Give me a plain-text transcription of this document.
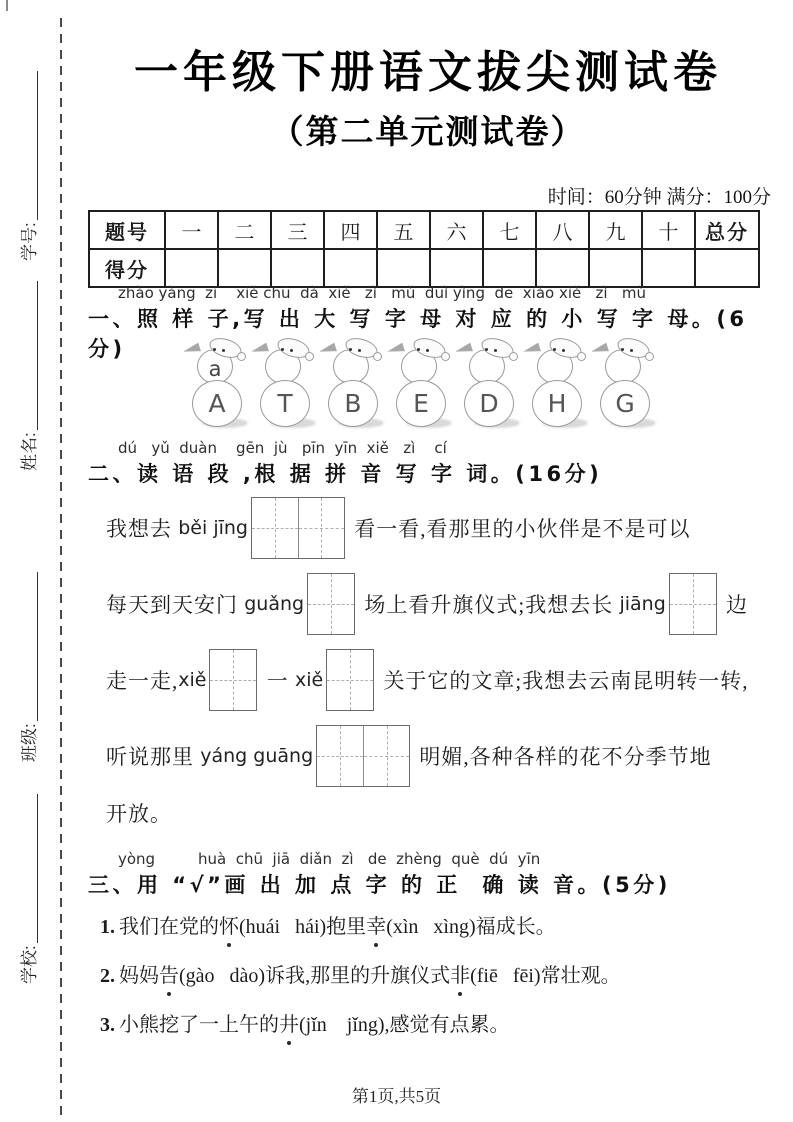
学号:
姓名:
班级:
学校:
一年级下册语文拔尖测试卷
（第二单元测试卷）
时间：60分钟 满分：100分
题号	一	二	三	四	五	六	七	八	九	十	总分
得分											
zhào yàng  zi    xiě chū  dà  xiě   zì   mǔ  duì yìng  de  xiǎo xiě   zì   mǔ
一、照 样 子,写 出 大 写 字 母 对 应 的 小 写 字 母。(6分)
a
A T B E D H G
dú   yǔ  duàn    gēn  jù   pīn  yīn  xiě   zì    cí
二、读 语 段 ,根 据 拼 音 写 字 词。(16分)
我想去 běi jīng	看一看,看那里的小伙伴是不是可以
每天到天安门 guǎng	场上看升旗仪式;我想去长 jiāng	边
走一走, xiě	一 xiě	关于它的文章;我想去云南昆明转一转,
听说那里 yáng guāng	明媚,各种各样的花不分季节地
开放。
yòng         huà  chū  jiā  diǎn  zì   de  zhèng  què  dú  yīn
三、用 “√”画 出 加 点 字 的 正  确 读 音。(5分)

1. 我们在党的怀(huái   hái)抱里幸(xìn   xìng)福成长。

2. 妈妈告(gào   dào)诉我,那里的升旗仪式非(fiē   fēi)常壮观。

3. 小熊挖了一上午的井(jǐn    jǐng),感觉有点累。

第1页,共5页
